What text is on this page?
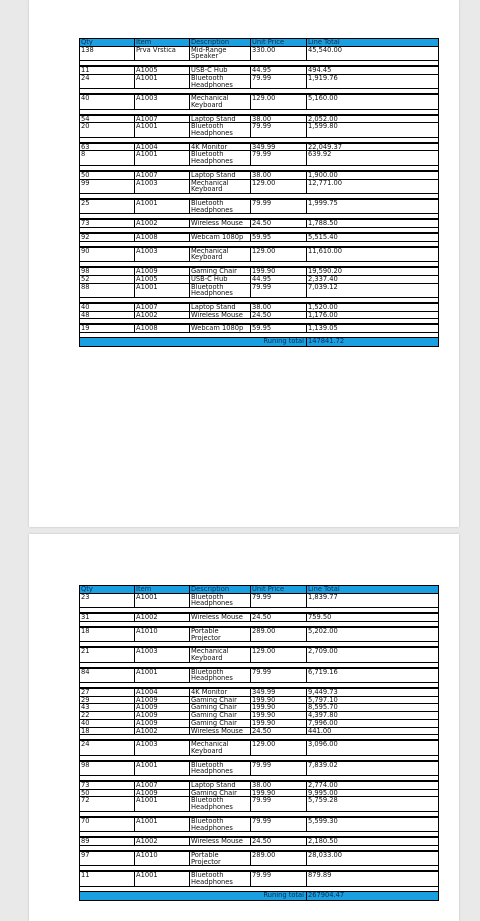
Qty	Item	Description	Unit Price	Line Total
138	Prva Vrstica	Mid-Range Speaker	330.00	45,540.00

11	A1005	USB-C Hub	44.95	494.45
24	A1001	Bluetooth Headphones	79.99	1,919.76

40	A1003	Mechanical Keyboard	129.00	5,160.00

54	A1007	Laptop Stand	38.00	2,052.00
20	A1001	Bluetooth Headphones	79.99	1,599.80

63	A1004	4K Monitor	349.99	22,049.37
8	A1001	Bluetooth Headphones	79.99	639.92

50	A1007	Laptop Stand	38.00	1,900.00
99	A1003	Mechanical Keyboard	129.00	12,771.00

25	A1001	Bluetooth Headphones	79.99	1,999.75

73	A1002	Wireless Mouse	24.50	1,788.50

92	A1008	Webcam 1080p	59.95	5,515.40

90	A1003	Mechanical Keyboard	129.00	11,610.00

98	A1009	Gaming Chair	199.90	19,590.20
52	A1005	USB-C Hub	44.95	2,337.40
88	A1001	Bluetooth Headphones	79.99	7,039.12

40	A1007	Laptop Stand	38.00	1,520.00
48	A1002	Wireless Mouse	24.50	1,176.00

19	A1008	Webcam 1080p	59.95	1,139.05

Runing total				147841.72
Qty	Item	Description	Unit Price	Line Total
23	A1001	Bluetooth Headphones	79.99	1,839.77

31	A1002	Wireless Mouse	24.50	759.50

18	A1010	Portable Projector	289.00	5,202.00

21	A1003	Mechanical Keyboard	129.00	2,709.00

84	A1001	Bluetooth Headphones	79.99	6,719.16

27	A1004	4K Monitor	349.99	9,449.73
29	A1009	Gaming Chair	199.90	5,797.10
43	A1009	Gaming Chair	199.90	8,595.70
22	A1009	Gaming Chair	199.90	4,397.80
40	A1009	Gaming Chair	199.90	7,996.00
18	A1002	Wireless Mouse	24.50	441.00

24	A1003	Mechanical Keyboard	129.00	3,096.00

98	A1001	Bluetooth Headphones	79.99	7,839.02

73	A1007	Laptop Stand	38.00	2,774.00
50	A1009	Gaming Chair	199.90	9,995.00
72	A1001	Bluetooth Headphones	79.99	5,759.28

70	A1001	Bluetooth Headphones	79.99	5,599.30

89	A1002	Wireless Mouse	24.50	2,180.50

97	A1010	Portable Projector	289.00	28,033.00

11	A1001	Bluetooth Headphones	79.99	879.89

Runing total				267904.47
